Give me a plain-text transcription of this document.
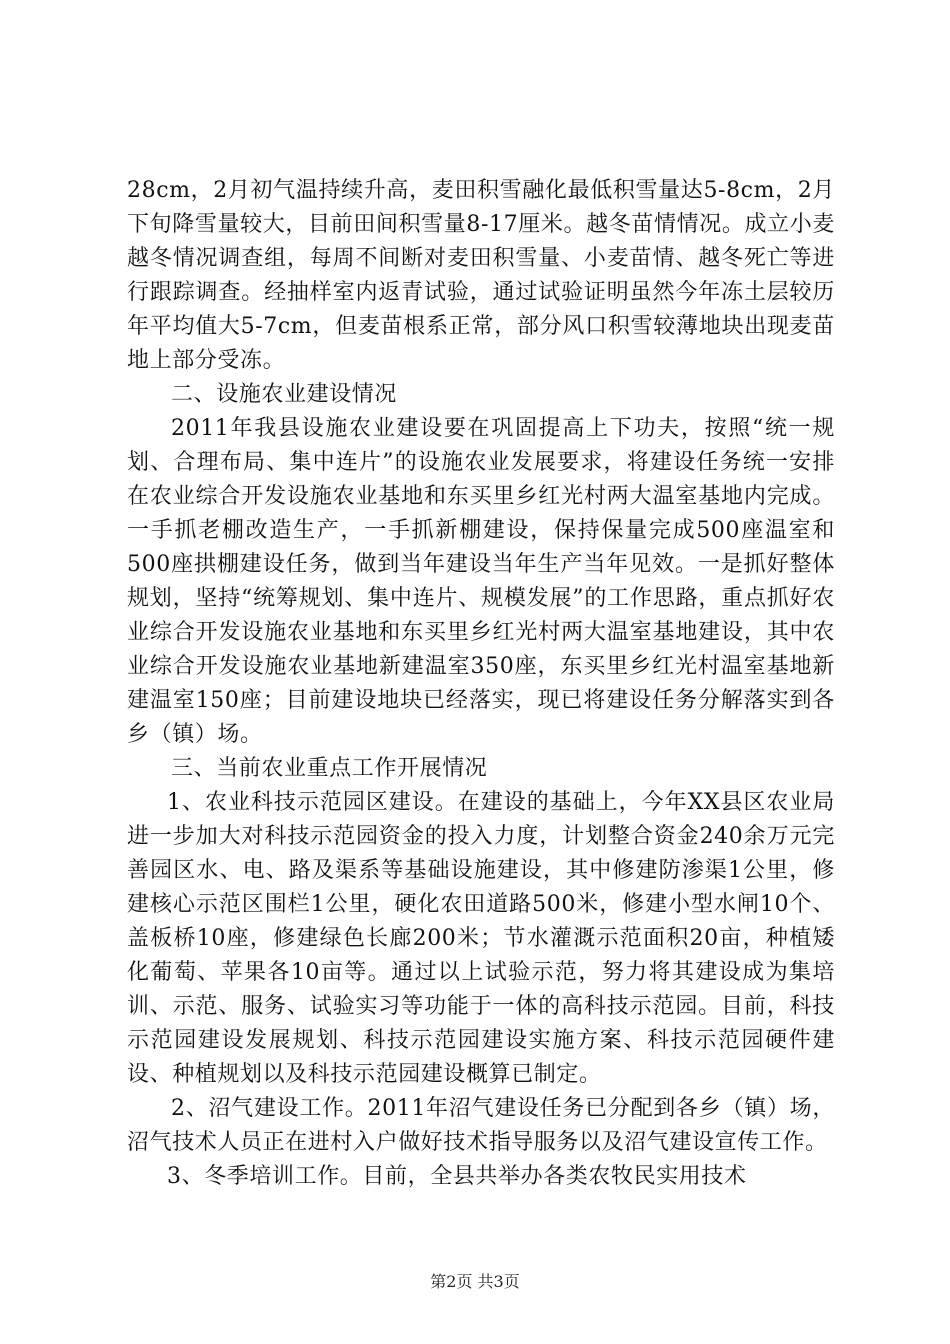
28cm，2月初气温持续升高，麦田积雪融化最低积雪量达5-8cm，2月下旬降雪量较大，目前田间积雪量8-17厘米。越冬苗情情况。成立小麦越冬情况调查组，每周不间断对麦田积雪量、小麦苗情、越冬死亡等进行跟踪调查。经抽样室内返青试验，通过试验证明虽然今年冻土层较历年平均值大5-7cm，但麦苗根系正常，部分风口积雪较薄地块出现麦苗地上部分受冻。

二、设施农业建设情况

2011年我县设施农业建设要在巩固提高上下功夫，按照“统一规划、合理布局、集中连片”的设施农业发展要求，将建设任务统一安排在农业综合开发设施农业基地和东买里乡红光村两大温室基地内完成。一手抓老棚改造生产，一手抓新棚建设，保持保量完成500座温室和500座拱棚建设任务，做到当年建设当年生产当年见效。一是抓好整体规划，坚持“统筹规划、集中连片、规模发展”的工作思路，重点抓好农业综合开发设施农业基地和东买里乡红光村两大温室基地建设，其中农业综合开发设施农业基地新建温室350座，东买里乡红光村温室基地新建温室150座；目前建设地块已经落实，现已将建设任务分解落实到各乡（镇）场。

三、当前农业重点工作开展情况

1、农业科技示范园区建设。在建设的基础上，今年XX县区农业局进一步加大对科技示范园资金的投入力度，计划整合资金240余万元完善园区水、电、路及渠系等基础设施建设，其中修建防渗渠1公里，修建核心示范区围栏1公里，硬化农田道路500米，修建小型水闸10个、盖板桥10座，修建绿色长廊200米；节水灌溉示范面积20亩，种植矮化葡萄、苹果各10亩等。通过以上试验示范，努力将其建设成为集培训、示范、服务、试验实习等功能于一体的高科技示范园。目前，科技示范园建设发展规划、科技示范园建设实施方案、科技示范园硬件建设、种植规划以及科技示范园建设概算已制定。

2、沼气建设工作。2011年沼气建设任务已分配到各乡（镇）场，沼气技术人员正在进村入户做好技术指导服务以及沼气建设宣传工作。

3、冬季培训工作。目前，全县共举办各类农牧民实用技术

第2页 共3页
